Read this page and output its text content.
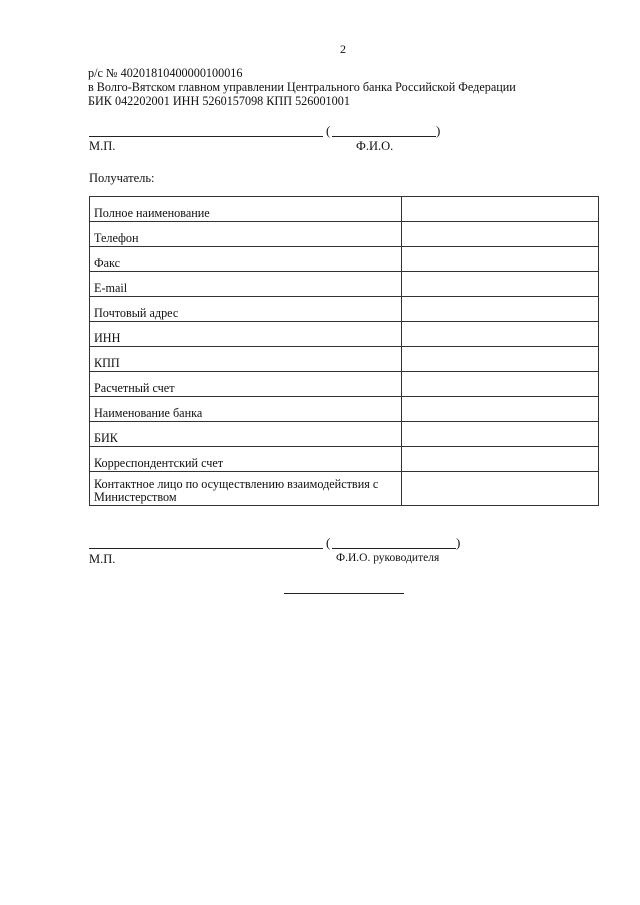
2
р/с № 40201810400000100016
в Волго-Вятском главном управлении Центрального банка Российской Федерации
БИК 042202001 ИНН 5260157098 КПП 526001001
(	)
М.П.	Ф.И.О.
Получатель:
Полное наименование	
Телефон	
Факс	
E-mail	
Почтовый адрес	
ИНН	
КПП	
Расчетный счет	
Наименование банка	
БИК	
Корреспондентский счет	
Контактное лицо по осуществлению взаимодействия с Министерством	
(	)
М.П.	Ф.И.О. руководителя
